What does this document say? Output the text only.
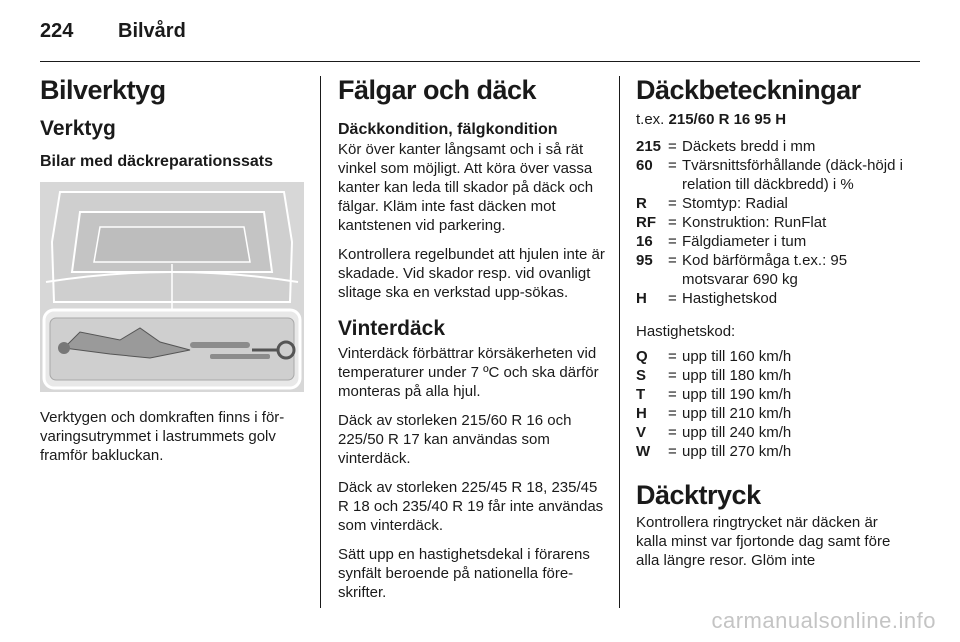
224 Bilvård
Bilverktyg
Verktyg
Bilar med däckreparationssats

Verktygen och domkraften finns i för-varingsutrymmet i lastrummets golv framför bakluckan.

Fälgar och däck
Däckkondition, fälgkondition

Kör över kanter långsamt och i så rät vinkel som möjligt. Att köra över vassa kanter kan leda till skador på däck och fälgar. Kläm inte fast däcken mot kantstenen vid parkering.

Kontrollera regelbundet att hjulen inte är skadade. Vid skador resp. vid ovanligt slitage ska en verkstad upp-sökas.

Vinterdäck

Vinterdäck förbättrar körsäkerheten vid temperaturer under 7 ºC och ska därför monteras på alla hjul.

Däck av storleken 215/60 R 16 och 225/50 R 17 kan användas som vinterdäck.

Däck av storleken 225/45 R 18, 235/45 R 18 och 235/40 R 19 får inte användas som vinterdäck.

Sätt upp en hastighetsdekal i förarens synfält beroende på nationella före-skrifter.

Däckbeteckningar
t.ex. 215/60 R 16 95 H
215 = Däckets bredd i mm
60	= Tvärsnittsförhållande (däck-höjd i relation till däckbredd) i %
R	= Stomtyp: Radial
RF = Konstruktion: RunFlat
16	= Fälgdiameter i tum
95	= Kod bärförmåga t.ex.: 95 motsvarar 690 kg
H	= Hastighetskod

Hastighetskod:

Q	= upp till 160 km/h
S	= upp till 180 km/h
T	= upp till 190 km/h
H	= upp till 210 km/h
V	= upp till 240 km/h
W	= upp till 270 km/h
Däcktryck

Kontrollera ringtrycket när däcken är kalla minst var fjortonde dag samt före alla längre resor. Glöm inte

carmanualsonline.info
